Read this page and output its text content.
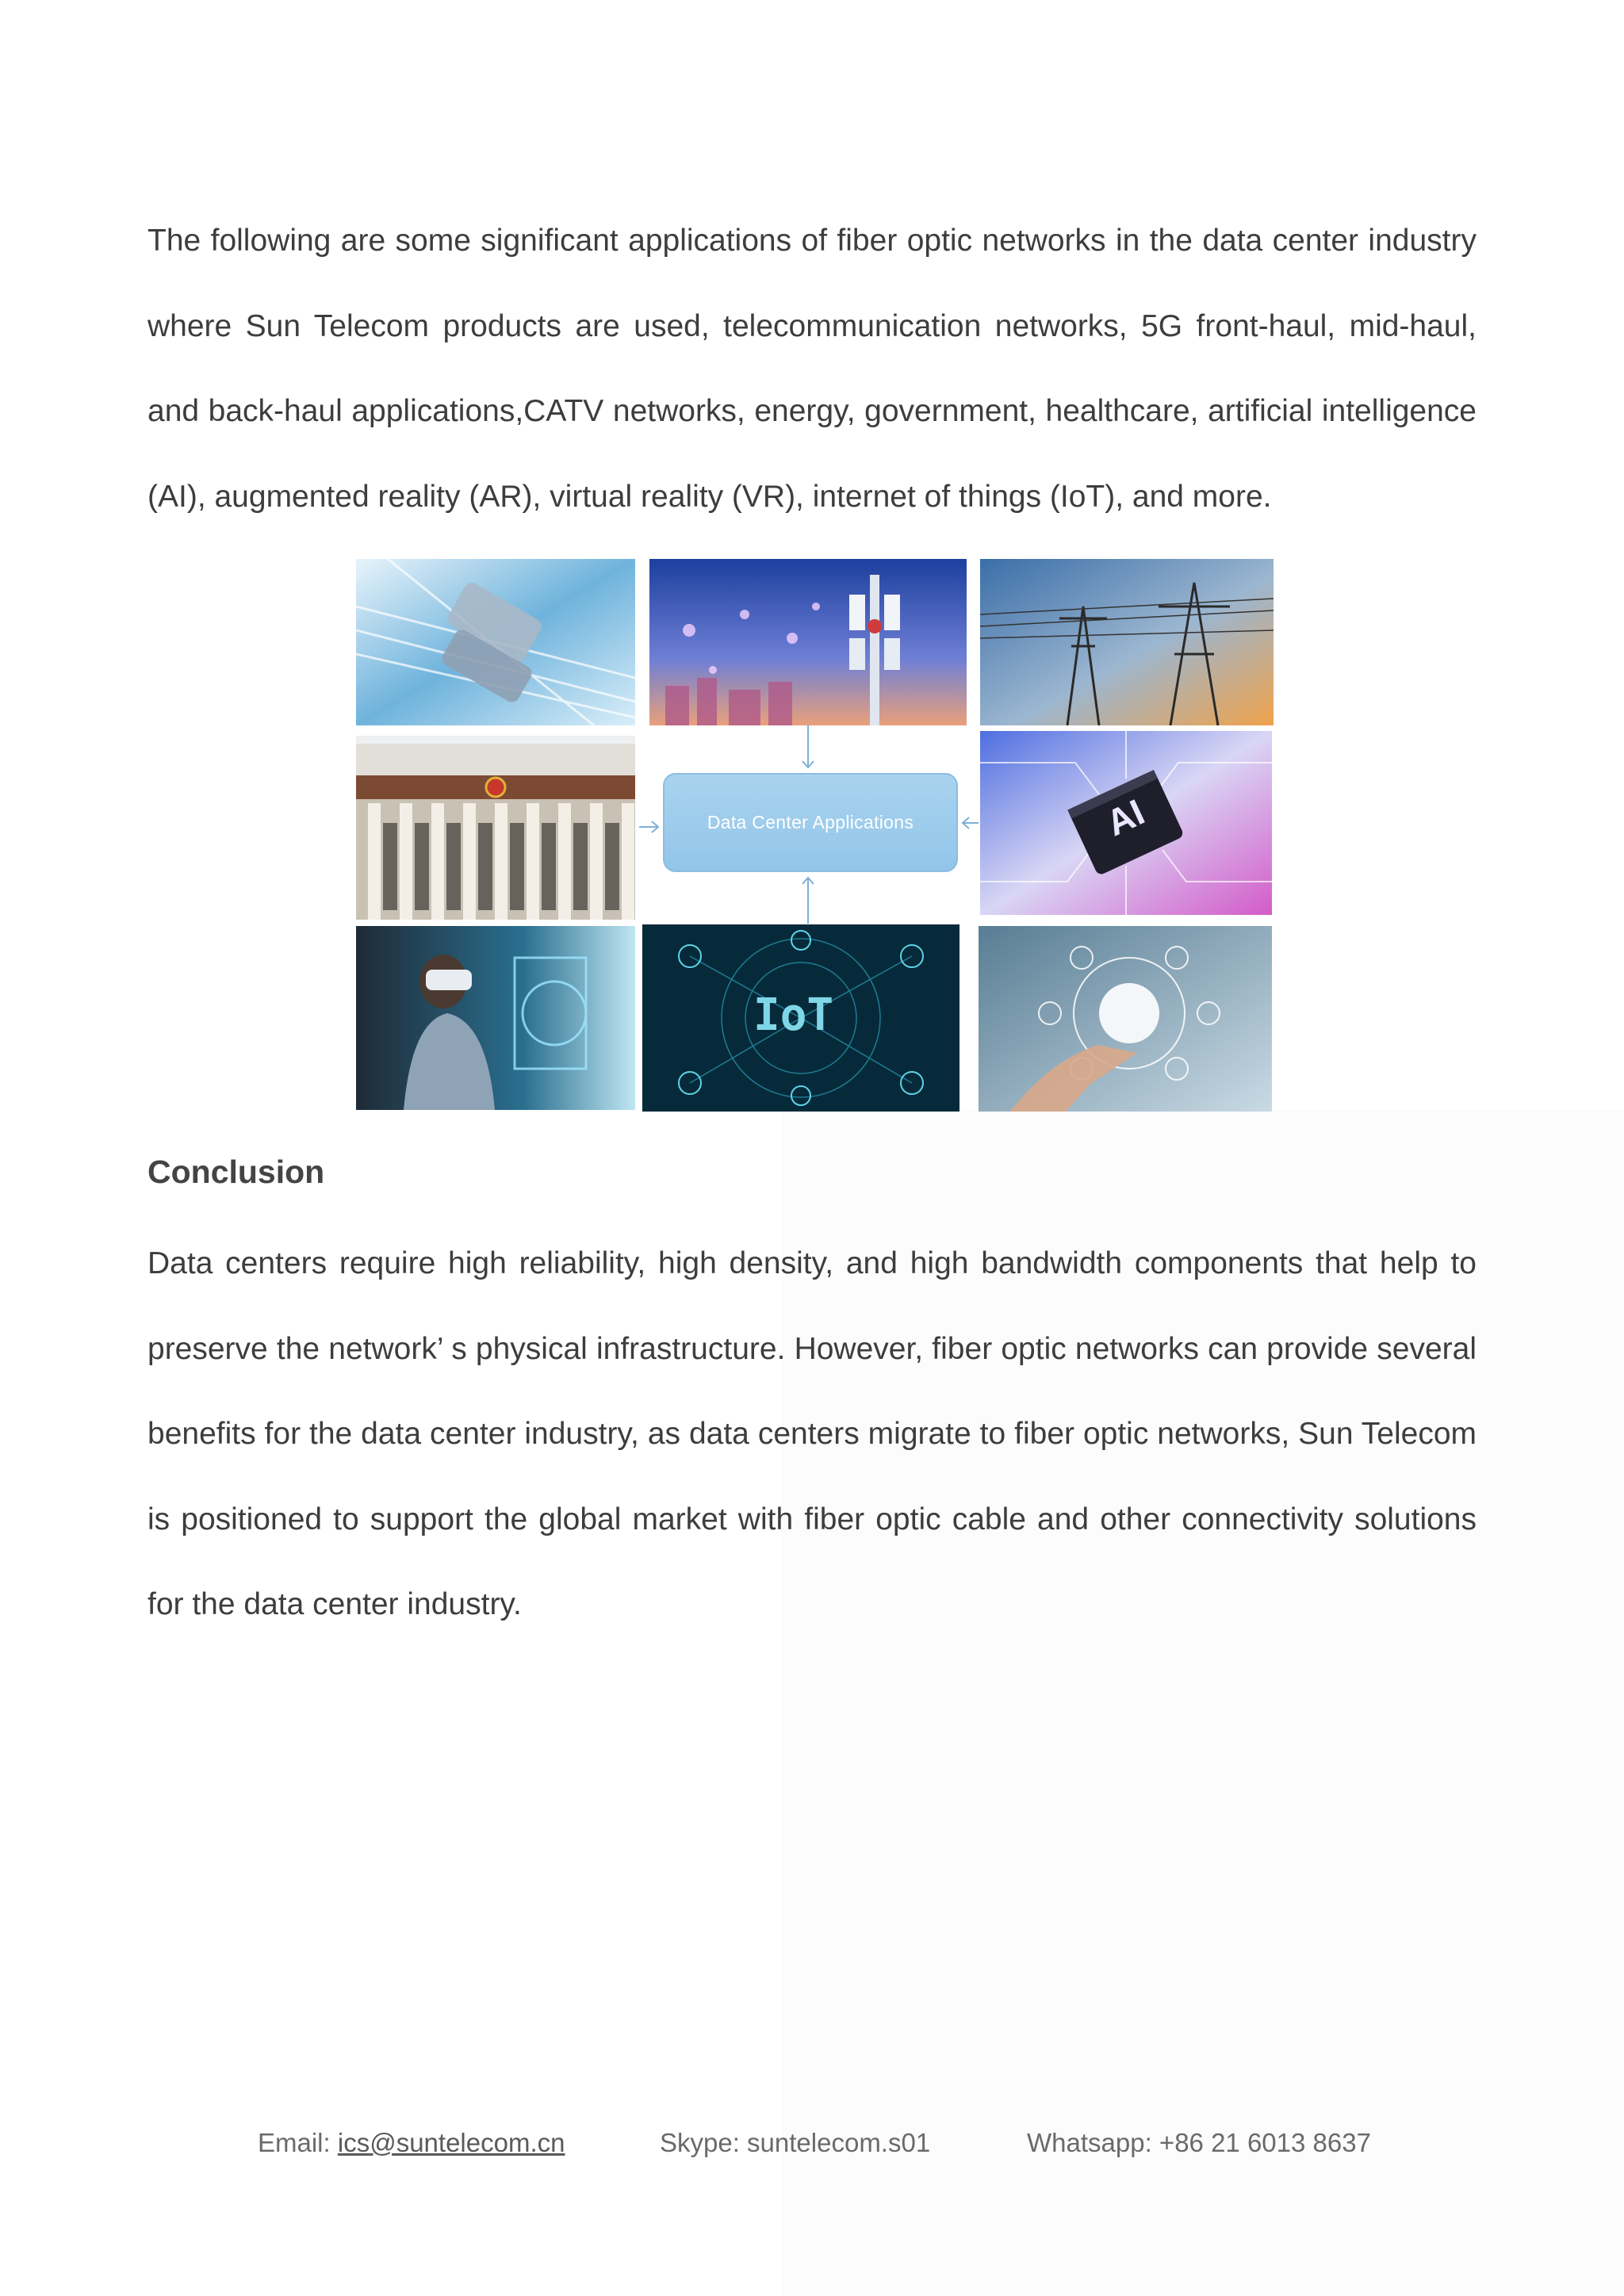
The following are some significant applications of fiber optic networks in the data center industry where Sun Telecom products are used, telecommunication networks, 5G front-haul, mid-haul, and back-haul applications,CATV networks, energy, government, healthcare, artificial intelligence (AI), augmented reality (AR), virtual reality (VR), internet of things (IoT), and more.

Data Center Applications	AI
IoT
Conclusion

Data centers require high reliability, high density, and high bandwidth components that help to preserve the network’ s physical infrastructure. However, fiber optic networks can provide several benefits for the data center industry, as data centers migrate to fiber optic networks, Sun Telecom is positioned to support the global market with fiber optic cable and other connectivity solutions for the data center industry.

Email: ics@suntelecom.cn	Skype: suntelecom.s01	Whatsapp: +86 21 6013 8637
